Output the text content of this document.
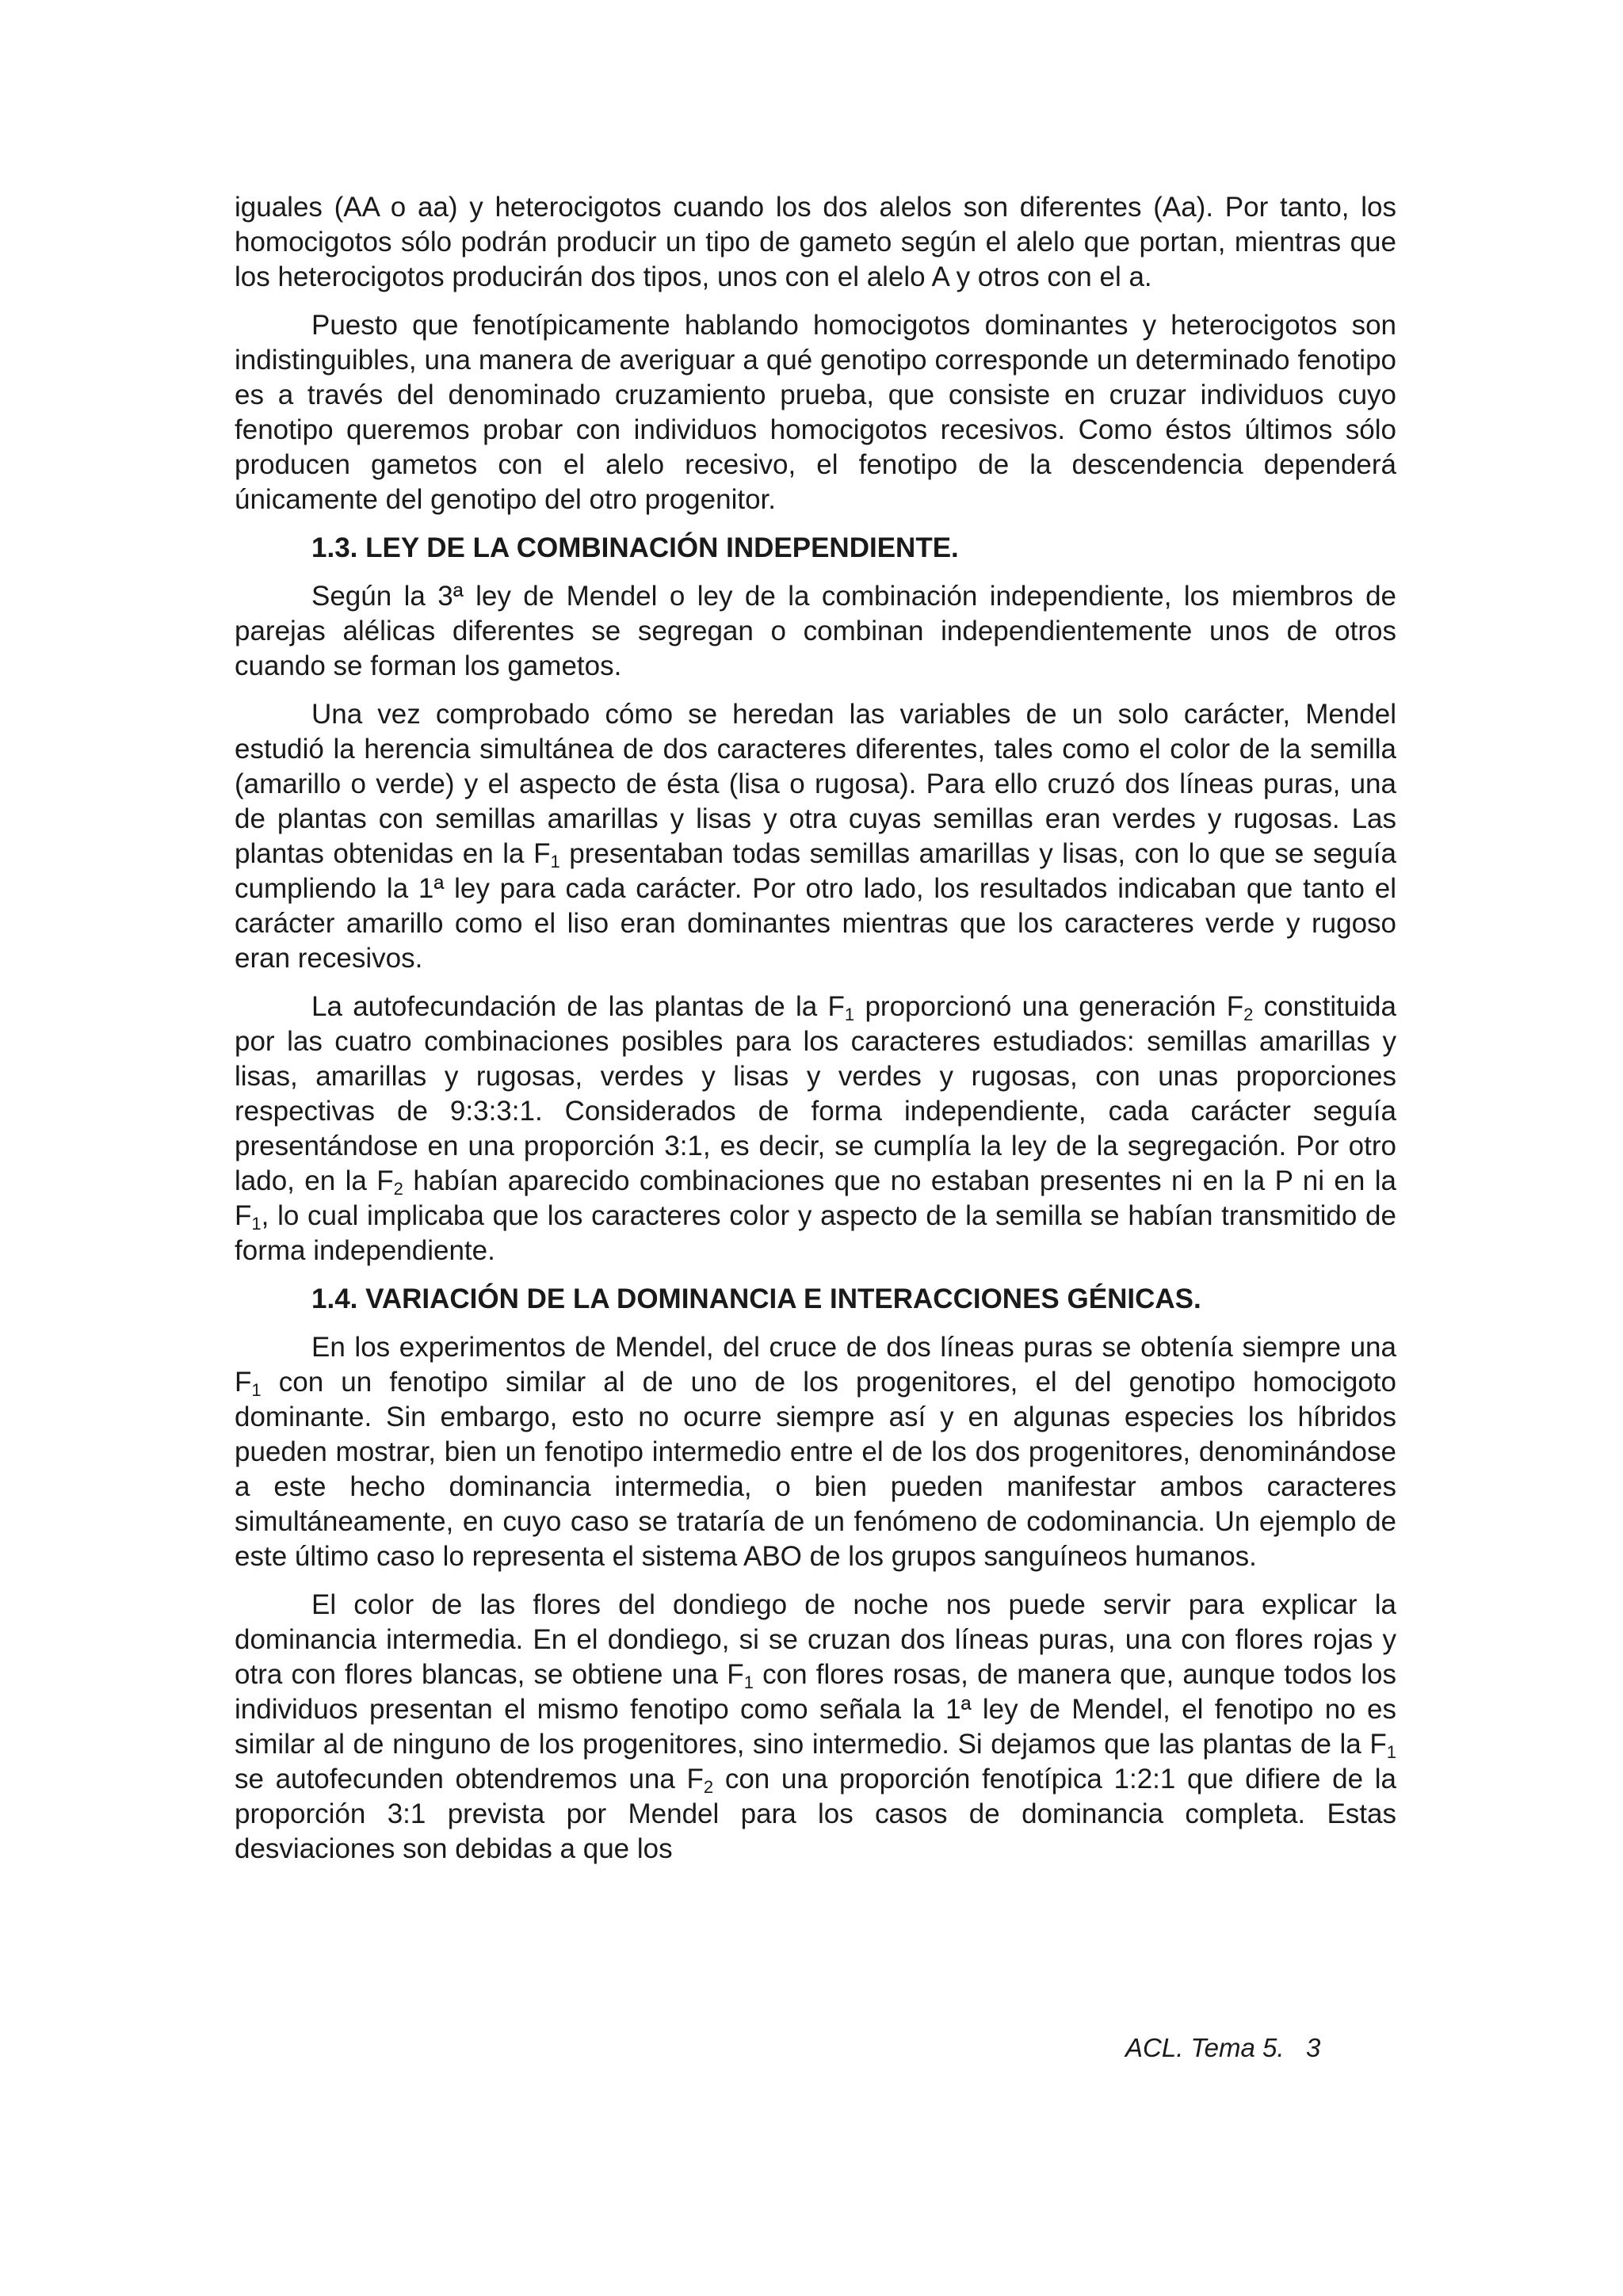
iguales (AA o aa) y heterocigotos cuando los dos alelos son diferentes (Aa). Por tanto, los homocigotos sólo podrán producir un tipo de gameto según el alelo que portan, mientras que los heterocigotos producirán dos tipos, unos con el alelo A y otros con el a.

Puesto que fenotípicamente hablando homocigotos dominantes y heterocigotos son indistinguibles, una manera de averiguar a qué genotipo corresponde un determinado fenotipo es a través del denominado cruzamiento prueba, que consiste en cruzar individuos cuyo fenotipo queremos probar con individuos homocigotos recesivos. Como éstos últimos sólo producen gametos con el alelo recesivo, el fenotipo de la descendencia dependerá únicamente del genotipo del otro progenitor.

1.3. LEY DE LA COMBINACIÓN INDEPENDIENTE.

Según la 3ª ley de Mendel o ley de la combinación independiente, los miembros de parejas alélicas diferentes se segregan o combinan independientemente unos de otros cuando se forman los gametos.

Una vez comprobado cómo se heredan las variables de un solo carácter, Mendel estudió la herencia simultánea de dos caracteres diferentes, tales como el color de la semilla (amarillo o verde) y el aspecto de ésta (lisa o rugosa). Para ello cruzó dos líneas puras, una de plantas con semillas amarillas y lisas y otra cuyas semillas eran verdes y rugosas. Las plantas obtenidas en la $F_1$ presentaban todas semillas amarillas y lisas, con lo que se seguía cumpliendo la 1ª ley para cada carácter. Por otro lado, los resultados indicaban que tanto el carácter amarillo como el liso eran dominantes mientras que los caracteres verde y rugoso eran recesivos.

La autofecundación de las plantas de la $F_1$ proporcionó una generación $F_2$ constituida por las cuatro combinaciones posibles para los caracteres estudiados: semillas amarillas y lisas, amarillas y rugosas, verdes y lisas y verdes y rugosas, con unas proporciones respectivas de 9:3:3:1. Considerados de forma independiente, cada carácter seguía presentándose en una proporción 3:1, es decir, se cumplía la ley de la segregación. Por otro lado, en la $F_2$ habían aparecido combinaciones que no estaban presentes ni en la P ni en la $F_1$, lo cual implicaba que los caracteres color y aspecto de la semilla se habían transmitido de forma independiente.

1.4. VARIACIÓN DE LA DOMINANCIA E INTERACCIONES GÉNICAS.

En los experimentos de Mendel, del cruce de dos líneas puras se obtenía siempre una $F_1$ con un fenotipo similar al de uno de los progenitores, el del genotipo homocigoto dominante. Sin embargo, esto no ocurre siempre así y en algunas especies los híbridos pueden mostrar, bien un fenotipo intermedio entre el de los dos progenitores, denominándose a este hecho dominancia intermedia, o bien pueden manifestar ambos caracteres simultáneamente, en cuyo caso se trataría de un fenómeno de codominancia. Un ejemplo de este último caso lo representa el sistema ABO de los grupos sanguíneos humanos.

El color de las flores del dondiego de noche nos puede servir para explicar la dominancia intermedia. En el dondiego, si se cruzan dos líneas puras, una con flores rojas y otra con flores blancas, se obtiene una $F_1$ con flores rosas, de manera que, aunque todos los individuos presentan el mismo fenotipo como señala la 1ª ley de Mendel, el fenotipo no es similar al de ninguno de los progenitores, sino intermedio. Si dejamos que las plantas de la $F_1$ se autofecunden obtendremos una $F_2$ con una proporción fenotípica 1:2:1 que difiere de la proporción 3:1 prevista por Mendel para los casos de dominancia completa. Estas desviaciones son debidas a que los

ACL. Tema 5.   3
